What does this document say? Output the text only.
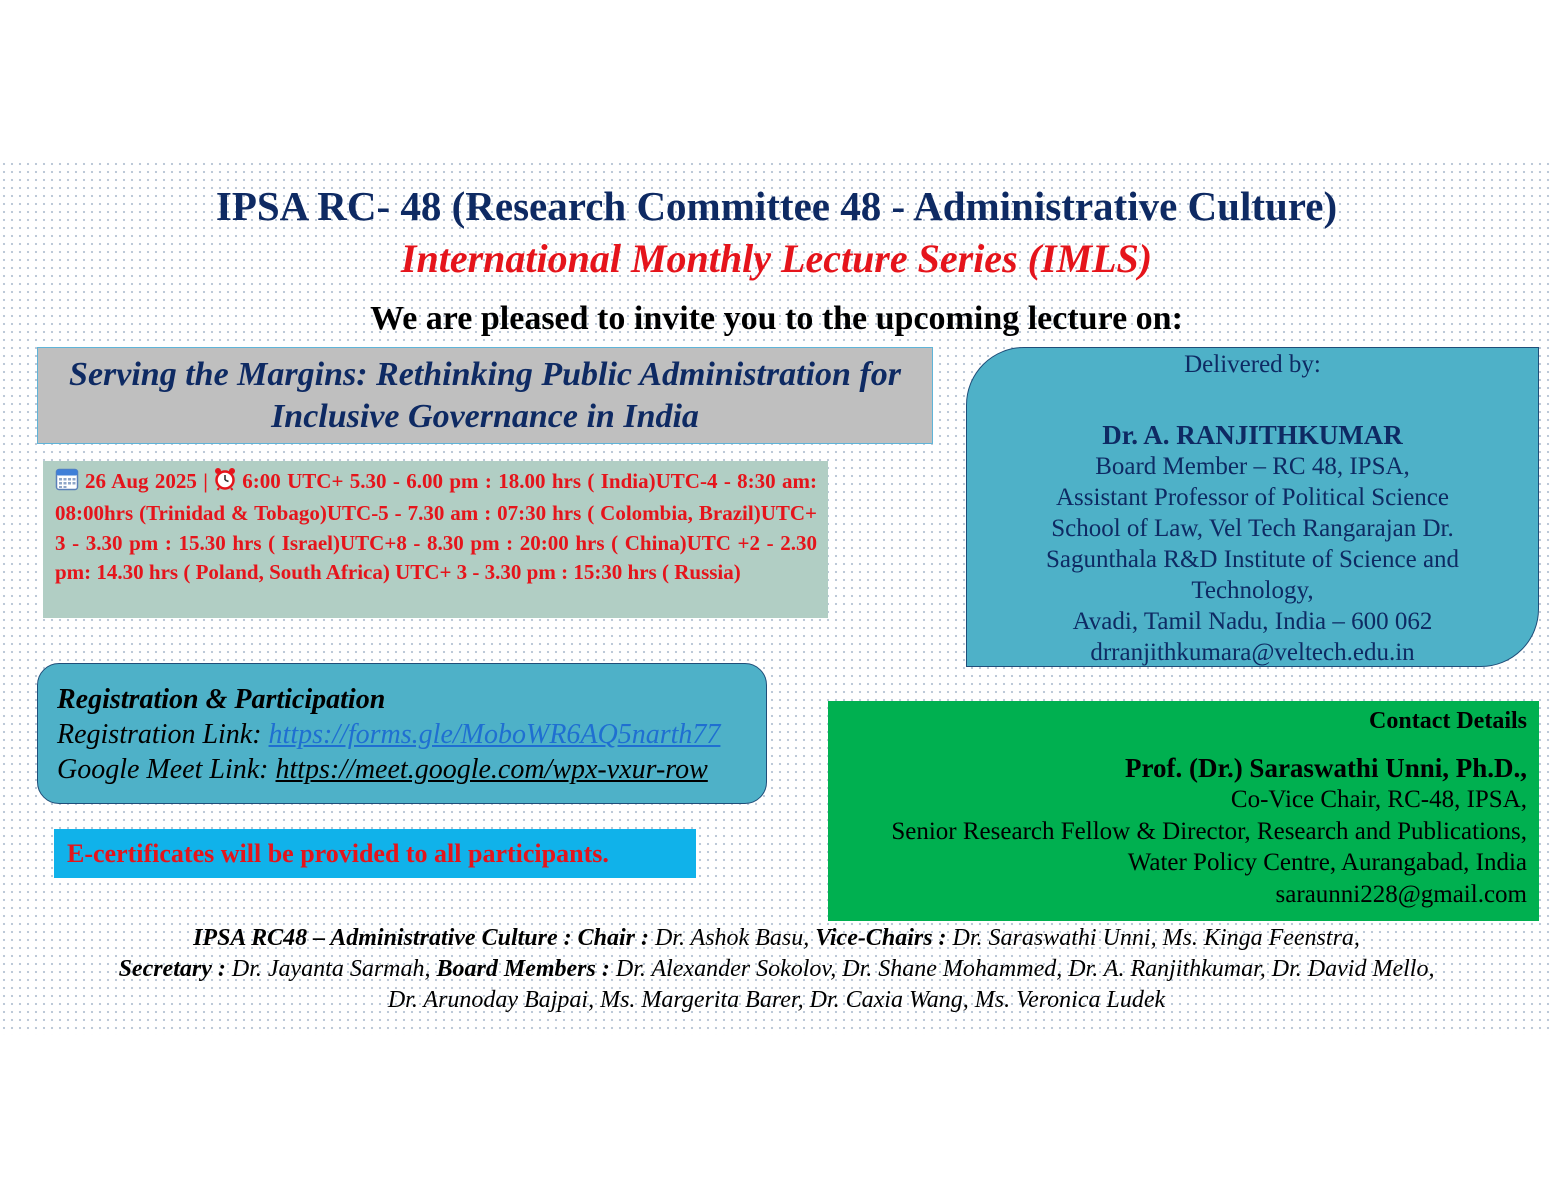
IPSA RC- 48 (Research Committee 48 - Administrative Culture)
International Monthly Lecture Series (IMLS)
We are pleased to invite you to the upcoming lecture on:
Serving the Margins: Rethinking Public Administration for
Inclusive Governance in India

26 Aug 2025 | 6:00 UTC+ 5.30 - 6.00 pm : 18.00 hrs ( India)UTC-4 - 8:30 am: 08:00hrs (Trinidad & Tobago)UTC-5 - 7.30 am : 07:30 hrs ( Colombia, Brazil)UTC+ 3 - 3.30 pm : 15.30 hrs ( Israel)UTC+8 - 8.30 pm : 20:00 hrs ( China)UTC +2 - 2.30 pm: 14.30 hrs ( Poland, South Africa) UTC+ 3 - 3.30 pm : 15:30 hrs ( Russia)

Delivered by:
Dr. A. RANJITHKUMAR
Board Member – RC 48, IPSA,
Assistant Professor of Political Science
School of Law, Vel Tech Rangarajan Dr.
Sagunthala R&D Institute of Science and
Technology,
Avadi, Tamil Nadu, India – 600 062
drranjithkumara@veltech.edu.in
Registration & Participation
Registration Link: https://forms.gle/MoboWR6AQ5narth77
Google Meet Link: https://meet.google.com/wpx-vxur-row
E-certificates will be provided to all participants.
Contact Details
Prof. (Dr.) Saraswathi Unni, Ph.D.,
Co-Vice Chair, RC-48, IPSA,
Senior Research Fellow & Director, Research and Publications,
Water Policy Centre, Aurangabad, India
saraunni228@gmail.com
IPSA RC48 – Administrative Culture : Chair : Dr. Ashok Basu, Vice-Chairs : Dr. Saraswathi Unni, Ms. Kinga Feenstra,
Secretary : Dr. Jayanta Sarmah, Board Members : Dr. Alexander Sokolov, Dr. Shane Mohammed, Dr. A. Ranjithkumar, Dr. David Mello,
Dr. Arunoday Bajpai, Ms. Margerita Barer, Dr. Caxia Wang, Ms. Veronica Ludek
